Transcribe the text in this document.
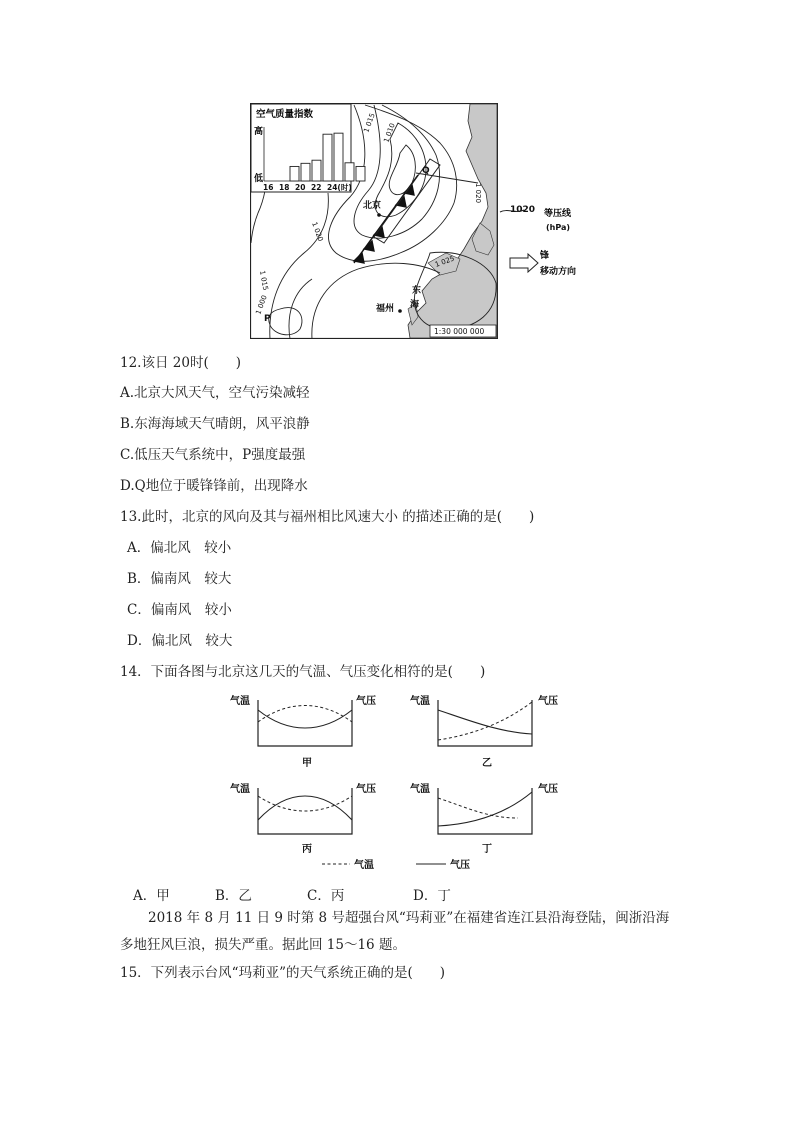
北京
Q
P
福州
东
海
1 015 1 010
1 020
1 020
1 015
1 000
1 025
1:30 000 000
空气质量指数
高
低
16 18 20 22 24(时)
1020 等压线
(hPa)
锋
移动方向
12.该日 20时(　　)
A.北京大风天气，空气污染减轻
B.东海海域天气晴朗，风平浪静
C.低压天气系统中，P强度最强
D.Q地位于暖锋锋前，出现降水
13.此时，北京的风向及其与福州相比风速大小 的描述正确的是(　　)
A．偏北风　较小
B．偏南风　较大
C．偏南风　较小
D．偏北风　较大
14．下面各图与北京这几天的气温、气压变化相符的是(　　)
气温	气压
甲
气温	气压
乙
气温	气压
丙
气温	气压
丁
气温	气压
A．甲	B．乙	C．丙	D．丁
2018 年 8 月 11 日 9 时第 8 号超强台风“玛莉亚”在福建省连江县沿海登陆，闽浙沿海
多地狂风巨浪，损失严重。据此回 15～16 题。
15．下列表示台风“玛莉亚”的天气系统正确的是(　　)
